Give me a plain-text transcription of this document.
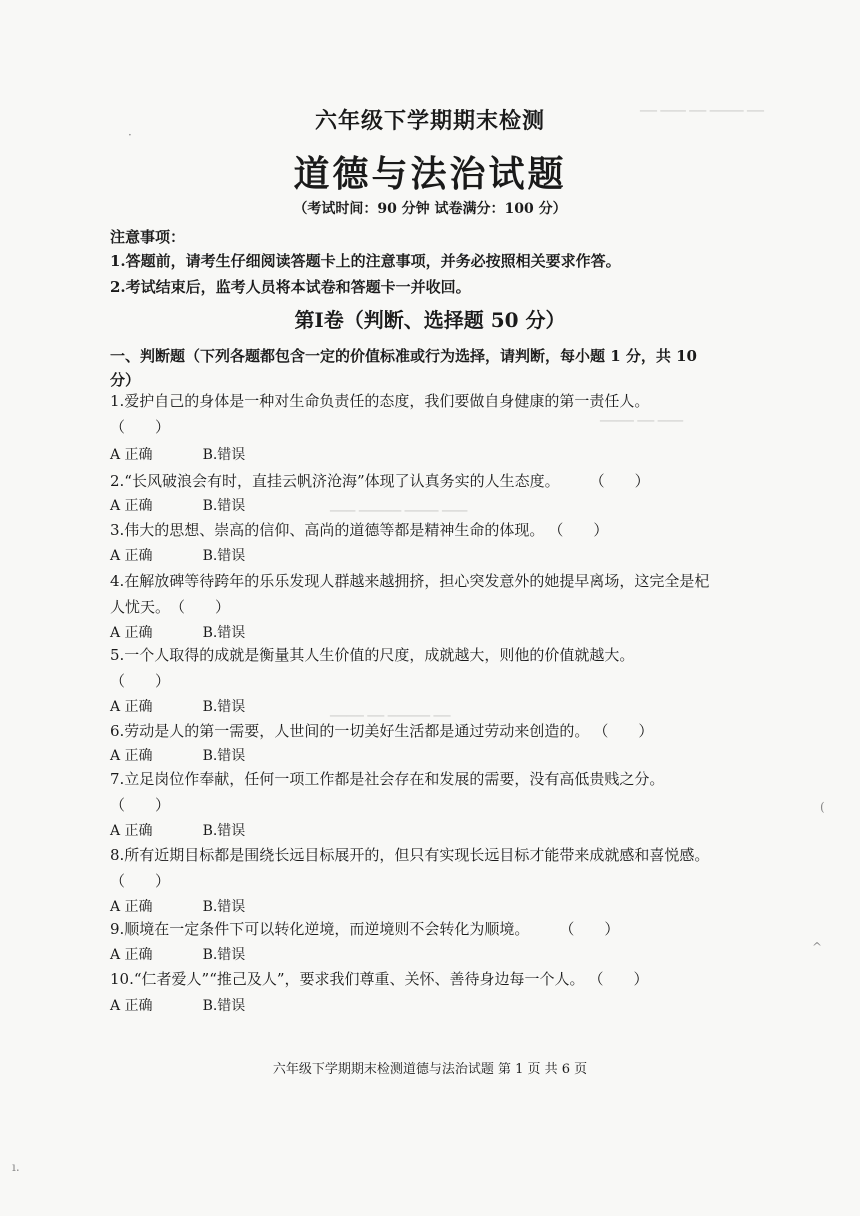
▁▁ ▁▁▁ ▁▁ ▁▁▁▁ ▁▁
▁▁▁▁ ▁▁ ▁▁▁
▁▁▁ ▁▁▁▁▁ ▁▁▁▁ ▁▁▁
▁▁▁▁ ▁▁ ▁▁▁▁▁ ▁▁
六年级下学期期末检测
道德与法治试题
（考试时间：90 分钟 试卷满分：100 分）
注意事项：
1.答题前，请考生仔细阅读答题卡上的注意事项，并务必按照相关要求作答。
2.考试结束后，监考人员将本试卷和答题卡一并收回。
第Ⅰ卷（判断、选择题 50 分）
一、判断题（下列各题都包含一定的价值标准或行为选择，请判断，每小题 1 分，共 10 分）
1.爱护自己的身体是一种对生命负责任的态度，我们要做自身健康的第一责任人。
（　　）
A 正确	B.错误
2.“长风破浪会有时，直挂云帆济沧海”体现了认真务实的人生态度。 （　　）
A 正确	B.错误
3.伟大的思想、崇高的信仰、高尚的道德等都是精神生命的体现。 （　　）
A 正确	B.错误
4.在解放碑等待跨年的乐乐发现人群越来越拥挤，担心突发意外的她提早离场，这完全是杞人忧天。（　　）
A 正确	B.错误
5.一个人取得的成就是衡量其人生价值的尺度，成就越大，则他的价值就越大。
（　　）
A 正确	B.错误
6.劳动是人的第一需要，人世间的一切美好生活都是通过劳动来创造的。 （　　）
A 正确	B.错误
7.立足岗位作奉献，任何一项工作都是社会存在和发展的需要，没有高低贵贱之分。
（　　）
A 正确	B.错误
8.所有近期目标都是围绕长远目标展开的，但只有实现长远目标才能带来成就感和喜悦感。（　　）
A 正确	B.错误
9.顺境在一定条件下可以转化逆境，而逆境则不会转化为顺境。 （　　）
A 正确	B.错误
10.“仁者爱人”“推己及人”，要求我们尊重、关怀、善待身边每一个人。 （　　）
A 正确	B.错误
六年级下学期期末检测道德与法治试题 第 1 页 共 6 页
(
^
ı.
·
